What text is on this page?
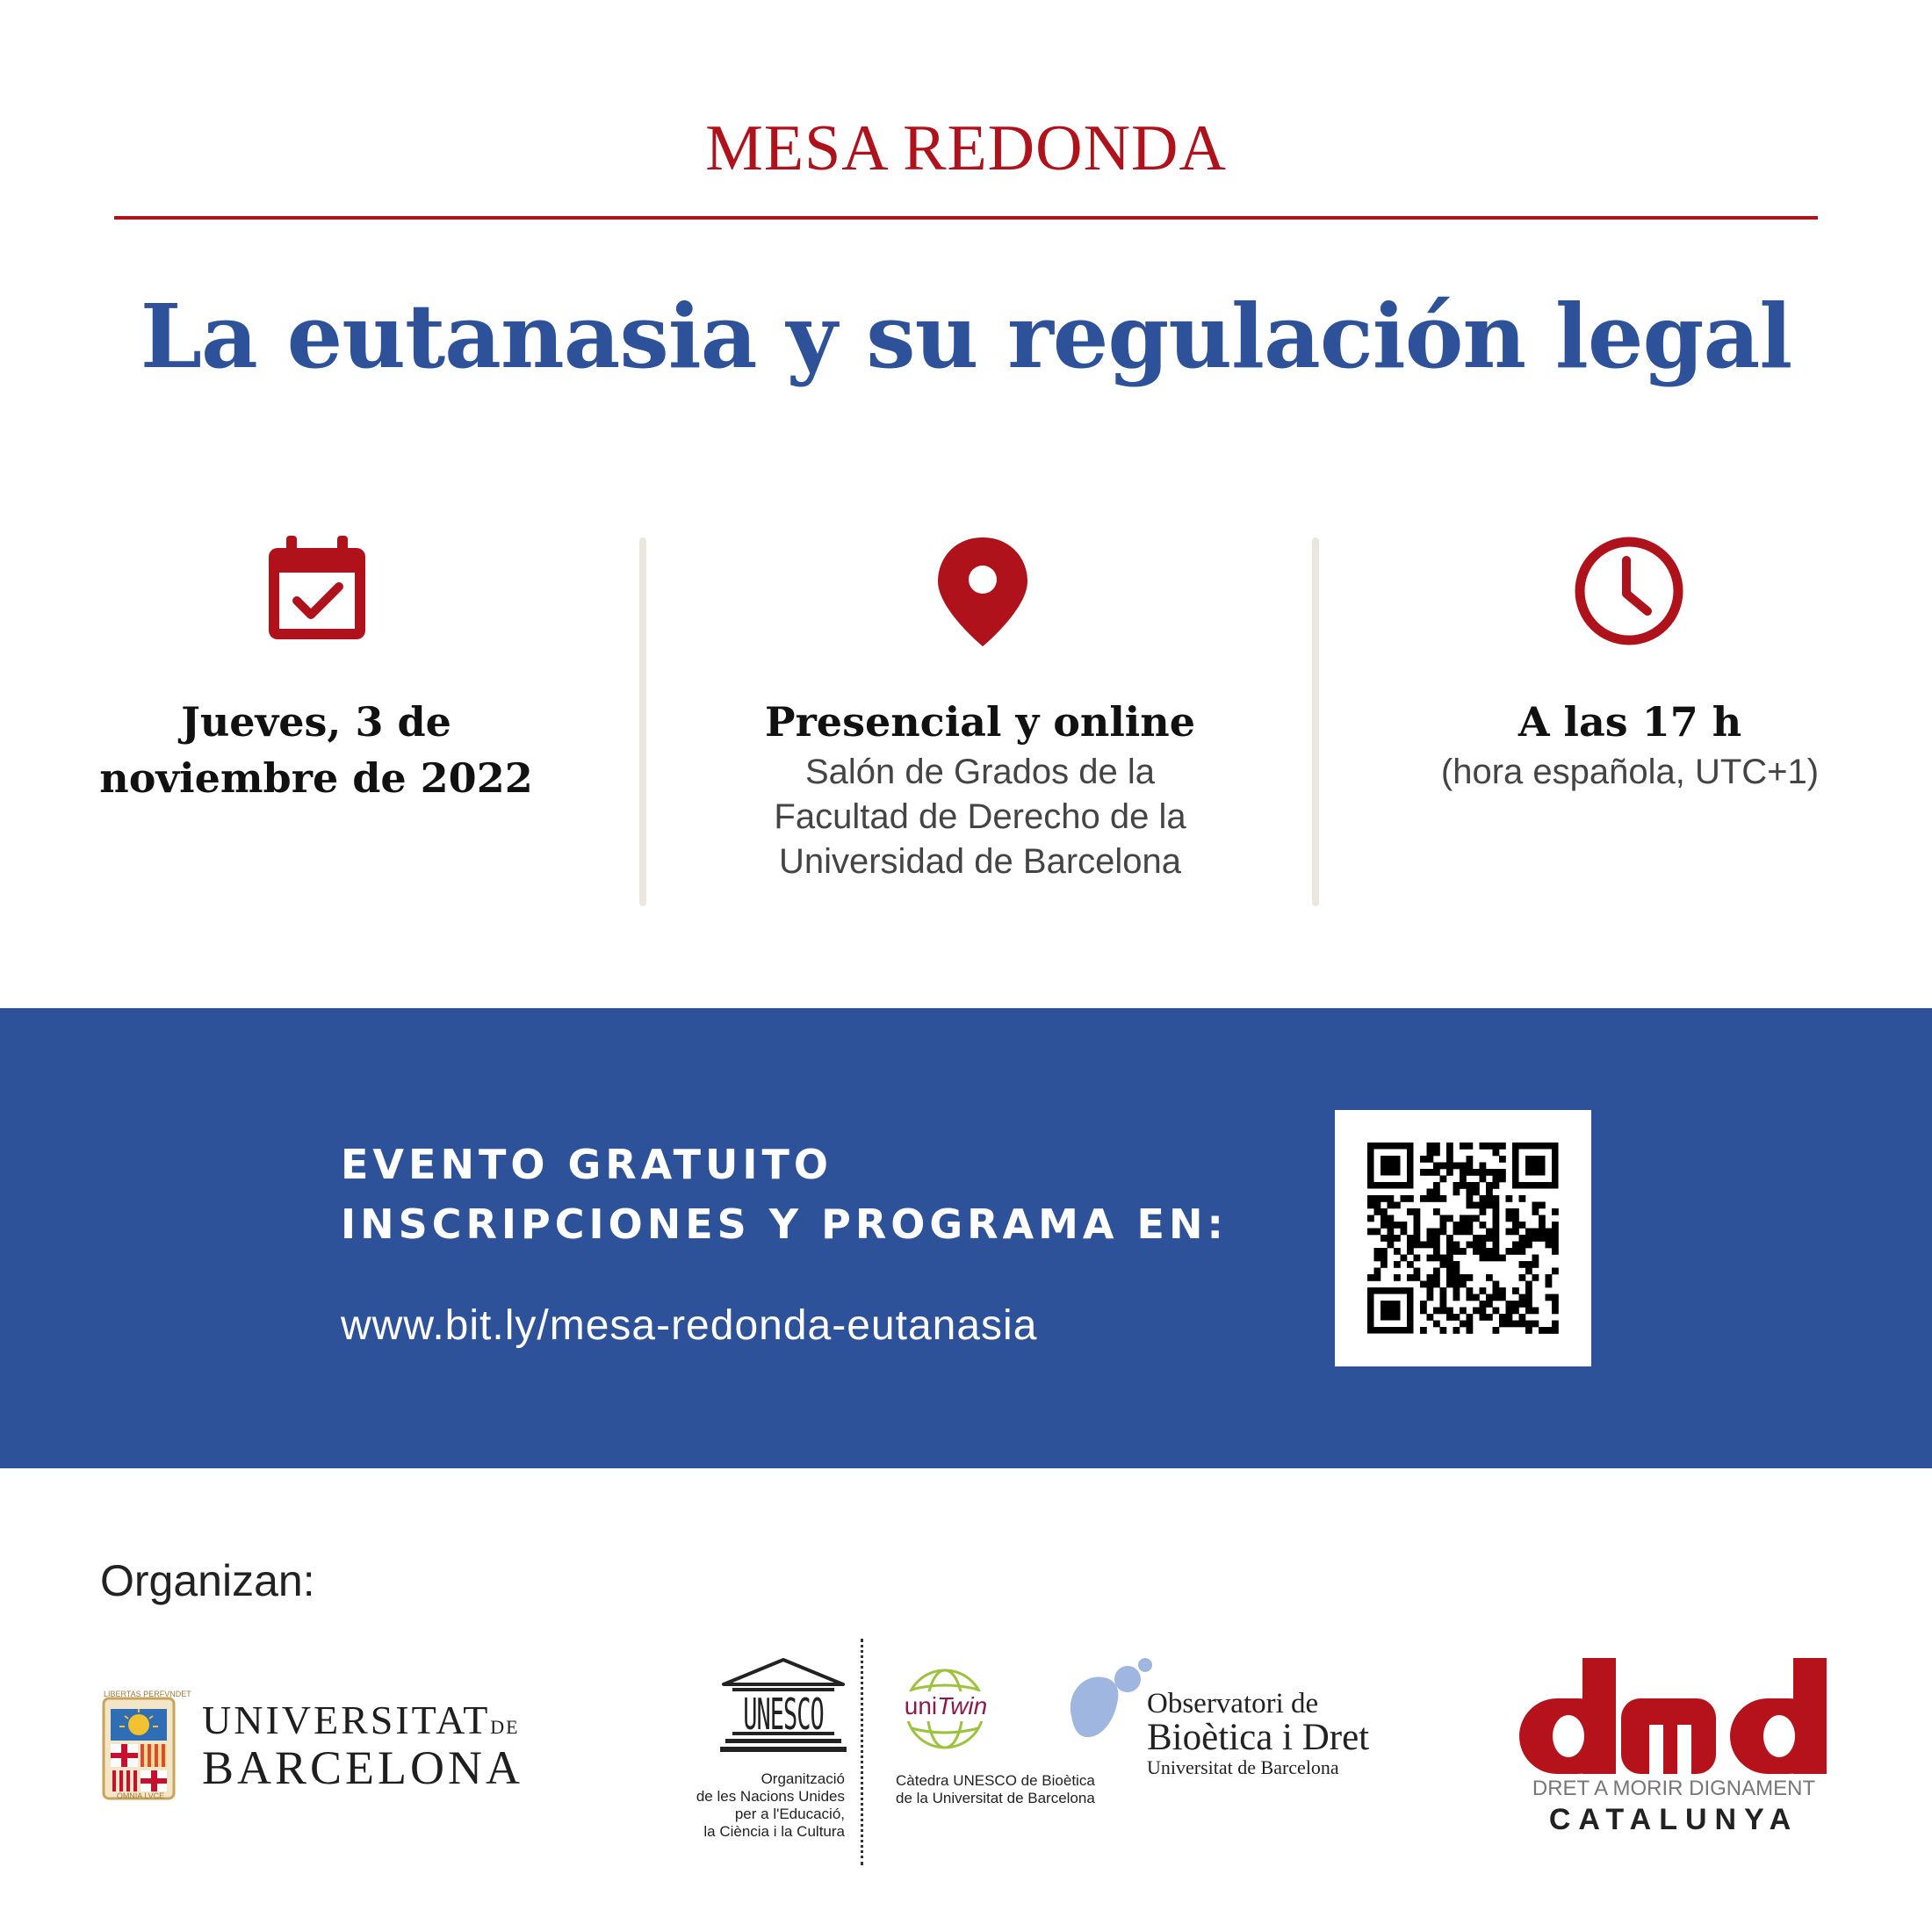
MESA REDONDA
La eutanasia y su regulación legal
Jueves, 3 de
noviembre de 2022
Presencial y online
Salón de Grados de la
Facultad de Derecho de la
Universidad de Barcelona
A las 17 h
(hora española, UTC+1)
EVENTO GRATUITO
INSCRIPCIONES Y PROGRAMA EN:
www.bit.ly/mesa-redonda-eutanasia
Organizan:
LIBERTAS PERFVNDET
OMNIA LVCE
UNIVERSITATDE
BARCELONA
UNESCO
Organització
de les Nacions Unides
per a l'Educació,
la Ciència i la Cultura
uniTwin
Càtedra UNESCO de Bioètica
de la Universitat de Barcelona
Observatori de
Bioètica i Dret
Universitat de Barcelona
DRET A MORIR DIGNAMENT
CATALUNYA
